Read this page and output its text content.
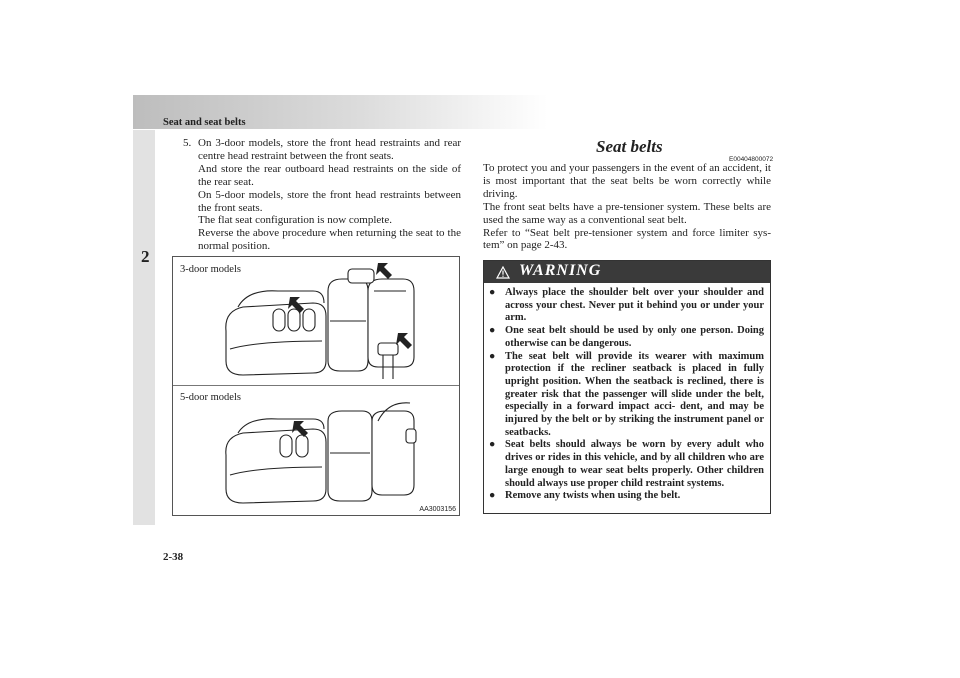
Seat and seat belts
2
5. On 3-door models, store the front head restraints and rear centre head restraint between the front seats.
And store the rear outboard head restraints on the side of the rear seat.
On 5-door models, store the front head restraints between the front seats.
The flat seat configuration is now complete.
Reverse the above procedure when returning the seat to the normal position.
3-door models
5-door models
AA3003156
Seat belts
E00404800072

To protect you and your passengers in the event of an accident, it is most important that the seat belts be worn correctly while driving.

The front seat belts have a pre-tensioner system. These belts are used the same way as a conventional seat belt.

Refer to “Seat belt pre-tensioner system and force limiter sys- tem” on page 2-43.

WARNING
● Always place the shoulder belt over your shoulder and across your chest. Never put it behind you or under your arm.
● One seat belt should be used by only one person. Doing otherwise can be dangerous.
● The seat belt will provide its wearer with maximum protection if the recliner seatback is placed in fully upright position. When the seatback is reclined, there is greater risk that the passenger will slide under the belt, especially in a forward impact acci- dent, and may be injured by the belt or by striking the instrument panel or seatbacks.
● Seat belts should always be worn by every adult who drives or rides in this vehicle, and by all children who are large enough to wear seat belts properly. Other children should always use proper child restraint systems.
● Remove any twists when using the belt.
2-38
